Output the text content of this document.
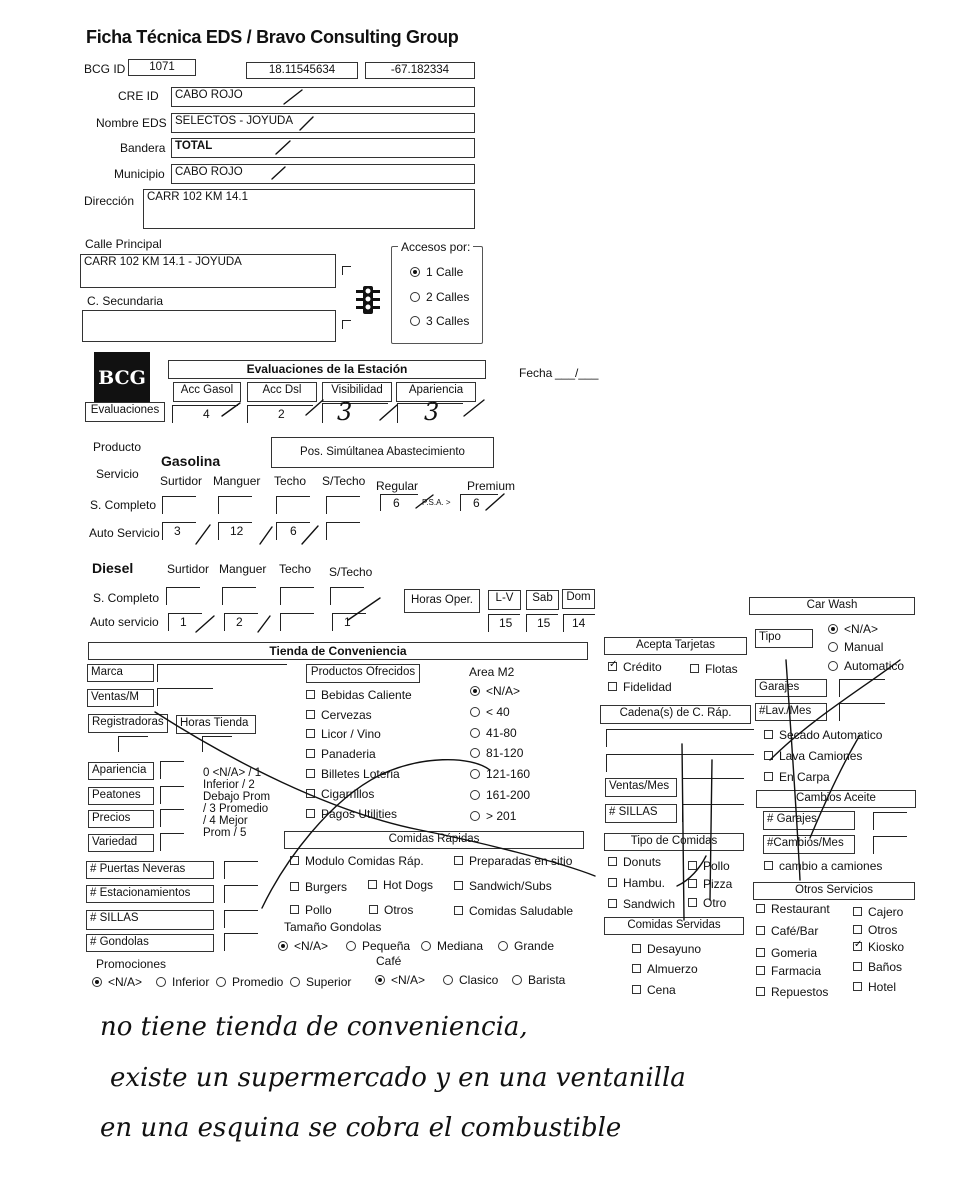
Ficha Técnica EDS / Bravo Consulting Group
BCG ID	1071	18.11545634	-67.182334
CRE ID	CABO ROJO
Nombre EDS SELECTOS - JOYUDA
Bandera TOTAL
Municipio CABO ROJO
Dirección	CARR 102 KM 14.1
Calle Principal
CARR 102 KM 14.1 - JOYUDA
C. Secundaria
Accesos por:
1 Calle
2 Calles
3 Calles
BCG	Evaluaciones de la Estación
Evaluaciones
Acc Gasol	Acc Dsl	Visibilidad	Apariencia
4	2 3	3
Fecha ___/___
Producto
Servicio
Gasolina
Pos. Simúltanea Abastecimiento
Surtidor Manguer Techo S/Techo Regular	Premium
S. Completo	6	P.S.A. > 6
Auto Servicio 3	12	6
Diesel	Surtidor Manguer Techo S/Techo
S. Completo
Auto servicio 1	2	1
Horas Oper.	L-V	Sab	Dom
15 15 14
Tienda de Conveniencia
Marca
Ventas/M
Registradoras	Horas Tienda
Apariencia
Peatones
Precios
Variedad
0 <N/A> / 1
Inferior / 2
Debajo Prom
/ 3 Promedio
/ 4 Mejor
Prom / 5
# Puertas Neveras
# Estacionamientos
# SILLAS
# Gondolas
Productos Ofrecidos
Bebidas Caliente
Cervezas
Licor / Vino
Panaderia
Billetes Loteria
Cigarrillos
Pagos Utilities
Area M2
<N/A>
< 40
41-80
81-120
121-160
161-200
> 201
Comidas Rápidas
Modulo Comidas Ráp.	Preparadas en sitio
Burgers	Hot Dogs	Sandwich/Subs
Pollo	Otros	Comidas Saludable
Tamaño Gondolas
<N/A>	Pequeña	Mediana	Grande
Promociones
<N/A>	Inferior	Promedio	Superior
Café
<N/A>	Clasico	Barista
Acepta Tarjetas
✓Crédito	Flotas
Fidelidad
Cadena(s) de C. Ráp.
Ventas/Mes
# SILLAS
Tipo de Comidas
Donuts	Pollo
Hambu.	Pizza
Sandwich	Otro
Comidas Servidas
Desayuno
Almuerzo
Cena
Car Wash
Tipo
<N/A>
Manual
Automatico
Garajes
#Lav./Mes
Secado Automatico
Lava Camiones
En Carpa
Cambios Aceite
# Garajes
#Cambios/Mes
cambio a camiones
Otros Servicios
Restaurant	Cajero
Café/Bar	Otros
Gomeria
✓	Kiosko
Farmacia	Baños
Repuestos	Hotel
no tiene tienda de conveniencia,
existe un supermercado y en una ventanilla
en una esquina se cobra el combustible
